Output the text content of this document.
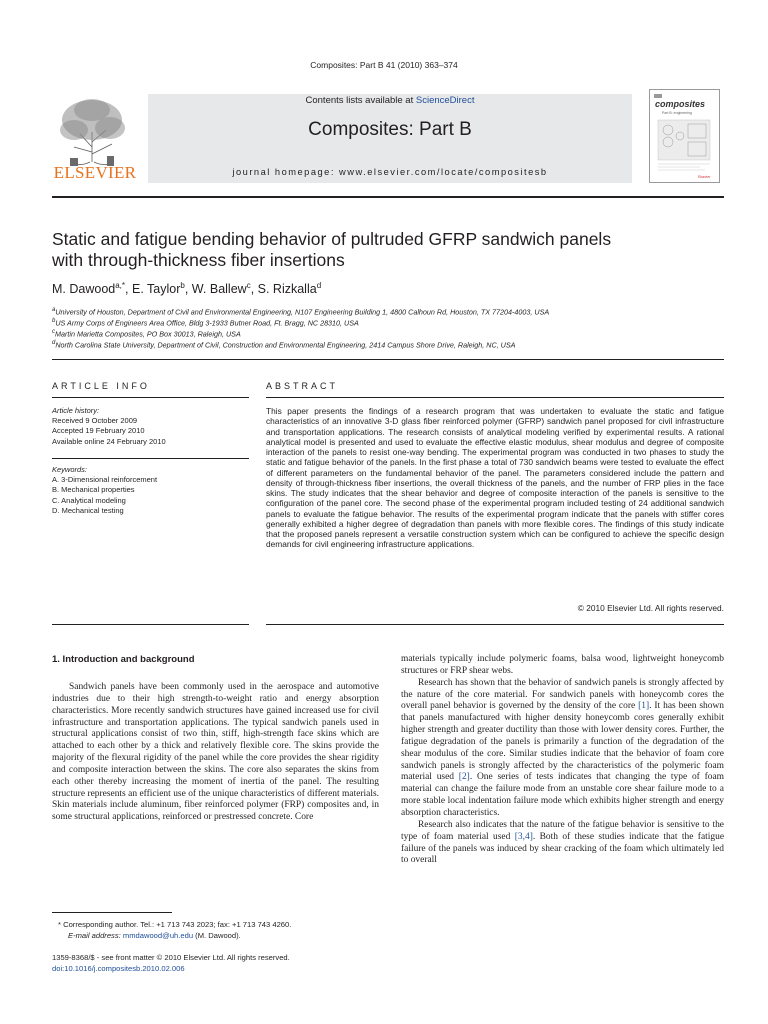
Composites: Part B 41 (2010) 363–374
ELSEVIER
Contents lists available at ScienceDirect
Composites: Part B
journal homepage: www.elsevier.com/locate/compositesb
composites
Part B: engineering
Elsevier
Static and fatigue bending behavior of pultruded GFRP sandwich panels
with through-thickness fiber insertions
M. Dawood$^{a,*}$, E. Taylor$^b$, W. Ballew$^c$, S. Rizkalla$^d$
$^a$University of Houston, Department of Civil and Environmental Engineering, N107 Engineering Building 1, 4800 Calhoun Rd, Houston, TX 77204-4003, USA
$^b$US Army Corps of Engineers Area Office, Bldg 3-1933 Butner Road, Ft. Bragg, NC 28310, USA
$^c$Martin Marietta Composites, PO Box 30013, Raleigh, USA
$^d$North Carolina State University, Department of Civil, Construction and Environmental Engineering, 2414 Campus Shore Drive, Raleigh, NC, USA
ARTICLE INFO
Article history:
Received 9 October 2009
Accepted 19 February 2010
Available online 24 February 2010
Keywords:
A. 3-Dimensional reinforcement
B. Mechanical properties
C. Analytical modeling
D. Mechanical testing
ABSTRACT
This paper presents the findings of a research program that was undertaken to evaluate the static and fatigue characteristics of an innovative 3-D glass fiber reinforced polymer (GFRP) sandwich panel proposed for civil infrastructure and transportation applications. The research consists of analytical modeling verified by experimental results. A rational analytical model is presented and used to evaluate the effective elastic modulus, shear modulus and degree of composite interaction of the panels to resist one-way bending. The experimental program was conducted in two phases to study the static and fatigue behavior of the panels. In the first phase a total of 730 sandwich beams were tested to evaluate the effect of different parameters on the fundamental behavior of the panel. The parameters considered include the pattern and density of through-thickness fiber insertions, the overall thickness of the panels, and the number of FRP plies in the face skins. The study indicates that the shear behavior and degree of composite interaction of the panels is sensitive to the configuration of the panel core. The second phase of the experimental program included testing of 24 additional sandwich panels to evaluate the fatigue behavior. The results of the experimental program indicate that the panels with stiffer cores generally exhibited a higher degree of degradation than panels with more flexible cores. The findings of this study indicate that the proposed panels represent a versatile construction system which can be configured to achieve the specific design demands for civil engineering infrastructure applications.
© 2010 Elsevier Ltd. All rights reserved.
1. Introduction and background

Sandwich panels have been commonly used in the aerospace and automotive industries due to their high strength-to-weight ratio and energy absorption characteristics. More recently sandwich structures have gained increased use for civil infrastructure and transportation applications. The typical sandwich panels used in structural applications consist of two thin, stiff, high-strength face skins which are attached to each other by a thick and relatively flexible core. The skins provide the majority of the flexural rigidity of the panel while the core provides the shear rigidity and composite interaction between the skins. The core also separates the skins from each other thereby increasing the moment of inertia of the panel. The resulting structure represents an efficient use of the unique characteristics of different materials. Skin materials include aluminum, fiber reinforced polymer (FRP) composites and, in some structural applications, reinforced or prestressed concrete. Core

materials typically include polymeric foams, balsa wood, lightweight honeycomb structures or FRP shear webs.

Research has shown that the behavior of sandwich panels is strongly affected by the nature of the core material. For sandwich panels with honeycomb cores the overall panel behavior is governed by the density of the core [1]. It has been shown that panels manufactured with higher density honeycomb cores generally exhibit higher strength and greater ductility than those with lower density cores. Further, the fatigue degradation of the panels is primarily a function of the degradation of the shear modulus of the core. Similar studies indicate that the behavior of foam core sandwich panels is strongly affected by the characteristics of the polymeric foam material used [2]. One series of tests indicates that changing the type of foam material can change the failure mode from an unstable core shear failure mode to a more stable local indentation failure mode which exhibits higher strength and energy absorption characteristics.

Research also indicates that the nature of the fatigue behavior is sensitive to the type of foam material used [3,4]. Both of these studies indicate that the fatigue failure of the panels was induced by shear cracking of the foam which ultimately led to overall

* Corresponding author. Tel.: +1 713 743 2023; fax: +1 713 743 4260.
E-mail address: mmdawood@uh.edu (M. Dawood).
1359-8368/$ - see front matter © 2010 Elsevier Ltd. All rights reserved.
doi:10.1016/j.compositesb.2010.02.006
